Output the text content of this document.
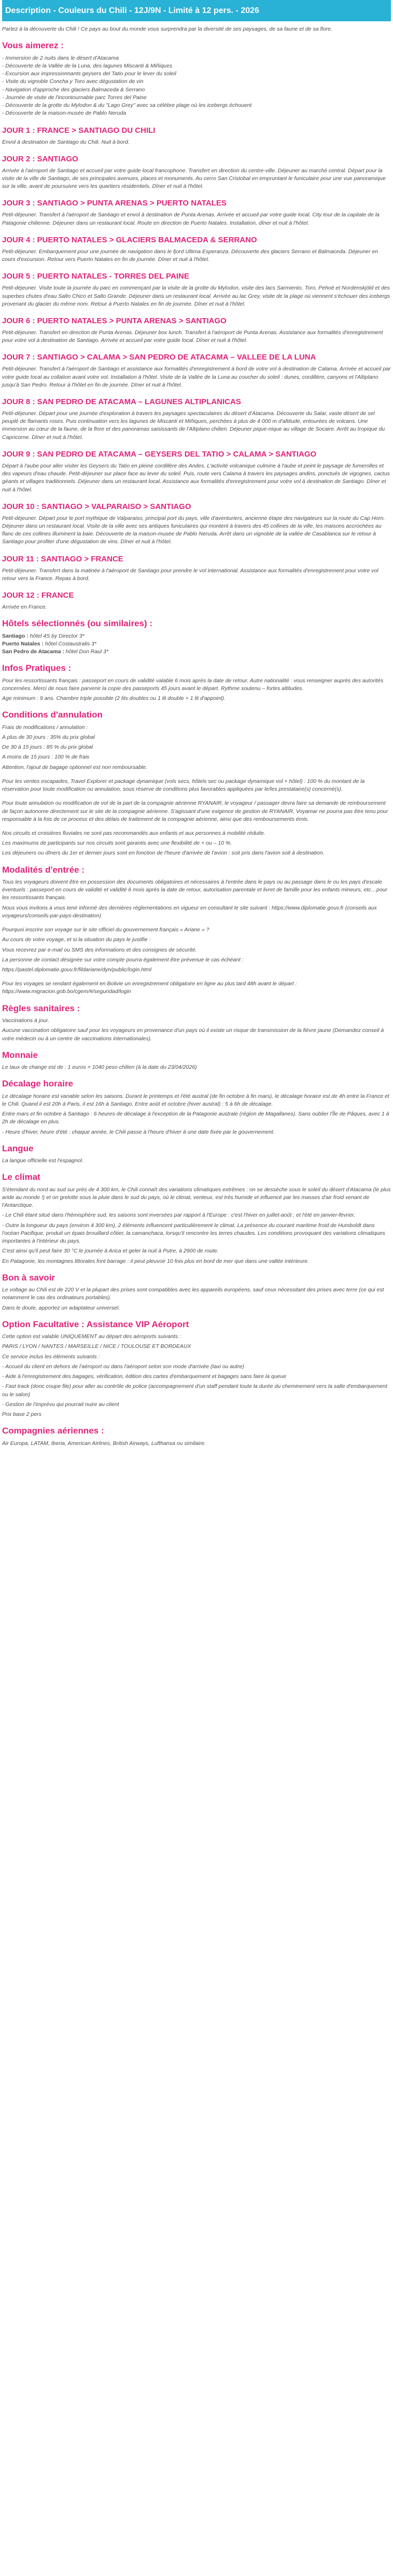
Description - Couleurs du Chili - 12J/9N - Limité à 12 pers. - 2026

Partez à la découverte du Chili ! Ce pays au bout du monde vous surprendra par la diversité de ses paysages, de sa faune et de sa flore.

Vous aimerez :
- Immersion de 2 nuits dans le désert d'Atacama
- Découverte de la Vallée de la Luna, des lagunes Miscanti & Miñiques
- Excursion aux impressionnants geysers del Tatio pour le lever du soleil
- Visite du vignoble Concha y Toro avec dégustation de vin
- Navigation d'approche des glaciers Balmaceda & Serrano
- Journée de visite de l'incontournable parc Torres del Paine
- Découverte de la grotte du Mylodon & du "Lago Grey" avec sa célèbre plage où les icebergs échouent
- Découverte de la maison-musée de Pablo Neruda
JOUR 1 : FRANCE > SANTIAGO DU CHILI

Envol à destination de Santiago du Chili. Nuit à bord.

JOUR 2 : SANTIAGO

Arrivée à l'aéroport de Santiago et accueil par votre guide local francophone. Transfert en direction du centre-ville. Déjeuner au marché central. Départ pour la visite de la ville de Santiago, de ses principales avenues, places et monuments. Au cerro San Cristobal en empruntant le funiculaire pour une vue panoramique sur la ville, avant de poursuivre vers les quartiers résidentiels. Dîner et nuit à l'hôtel.

JOUR 3 : SANTIAGO > PUNTA ARENAS > PUERTO NATALES

Petit-déjeuner. Transfert à l'aéroport de Santiago et envol à destination de Punta Arenas. Arrivée et accueil par votre guide local. City tour de la capitale de la Patagonie chilienne. Déjeuner dans un restaurant local. Route en direction de Puerto Natales. Installation, dîner et nuit à l'hôtel.

JOUR 4 : PUERTO NATALES > GLACIERS BALMACEDA & SERRANO

Petit-déjeuner. Embarquement pour une journée de navigation dans le fjord Ultima Esperanza. Découverte des glaciers Serrano et Balmaceda. Déjeuner en cours d'excursion. Retour vers Puerto Natales en fin de journée. Dîner et nuit à l'hôtel.

JOUR 5 : PUERTO NATALES - TORRES DEL PAINE

Petit-déjeuner. Visite toute la journée du parc en commençant par la visite de la grotte du Mylodon, visite des lacs Sarmiento, Toro, Pehoé et Nordenskjöld et des superbes chutes d'eau Salto Chico et Salto Grande. Déjeuner dans un restaurant local. Arrivée au lac Grey, visite de la plage où viennent s'échouer des icebergs provenant du glacier du même nom. Retour à Puerto Natales en fin de journée. Dîner et nuit à l'hôtel.

JOUR 6 : PUERTO NATALES > PUNTA ARENAS > SANTIAGO

Petit-déjeuner. Transfert en direction de Punta Arenas. Déjeuner box lunch. Transfert à l'aéroport de Punta Arenas. Assistance aux formalités d'enregistrement pour votre vol à destination de Santiago. Arrivée et accueil par votre guide local. Dîner et nuit à l'hôtel.

JOUR 7 : SANTIAGO > CALAMA > SAN PEDRO DE ATACAMA – VALLEE DE LA LUNA

Petit-déjeuner. Transfert à l'aéroport de Santiago et assistance aux formalités d'enregistrement à bord de votre vol à destination de Calama. Arrivée et accueil par votre guide local au collation avant votre vol. Installation à l'hôtel. Visite de la Vallée de la Luna au coucher du soleil : dunes, cordillère, canyons et l'Altiplano jusqu'à San Pedro. Retour à l'hôtel en fin de journée. Dîner et nuit à l'hôtel.

JOUR 8 : SAN PEDRO DE ATACAMA – LAGUNES ALTIPLANICAS

Petit-déjeuner. Départ pour une journée d'exploration à travers les paysages spectaculaires du désert d'Atacama. Découverte du Salar, vaste désert de sel peuplé de flamants roses. Puis continuation vers les lagunes de Miscanti et Miñiques, perchées à plus de 4 000 m d'altitude, entourées de volcans. Une immersion au cœur de la faune, de la flore et des panoramas saisissants de l'Altiplano chilien. Déjeuner pique-nique au village de Socaire. Arrêt au tropique du Capricorne. Dîner et nuit à l'hôtel.

JOUR 9 : SAN PEDRO DE ATACAMA – GEYSERS DEL TATIO > CALAMA > SANTIAGO

Départ à l'aube pour aller visiter les Geysers du Tatio en pleine cordillère des Andes. L'activité volcanique culmine à l'aube et peint le paysage de fumerolles et des vapeurs d'eau chaude. Petit-déjeuner sur place face au lever du soleil. Puis, route vers Calama à travers les paysages andins, ponctués de vigognes, cactus géants et villages traditionnels. Déjeuner dans un restaurant local. Assistance aux formalités d'enregistrement pour votre vol à destination de Santiago. Dîner et nuit à l'hôtel.

JOUR 10 : SANTIAGO > VALPARAISO > SANTIAGO

Petit-déjeuner. Départ pour le port mythique de Valparaiso, principal port du pays, ville d'aventuriers, ancienne étape des navigateurs sur la route du Cap Horn. Déjeuner dans un restaurant local. Visite de la ville avec ses antiques funiculaires qui montent à travers des 45 collines de la ville, les maisons accrochées au flanc de ces collines illuminent la baie. Découverte de la maison-musée de Pablo Neruda. Arrêt dans un vignoble de la vallée de Casablanca sur le retour à Santiago pour profiter d'une dégustation de vins. Dîner et nuit à l'hôtel.

JOUR 11 : SANTIAGO > FRANCE

Petit-déjeuner. Transfert dans la matinée à l'aéroport de Santiago pour prendre le vol international. Assistance aux formalités d'enregistrement pour votre vol retour vers la France. Repas à bord.

JOUR 12 : FRANCE

Arrivée en France.

Hôtels sélectionnés (ou similaires) :
Santiago : hôtel 4S by Director 3*
Puerto Natales : hôtel Costaustralis 3*
San Pedro de Atacama : hôtel Don Raul 3*
Infos Pratiques :

Pour les ressortissants français : passeport en cours de validité valable 6 mois après la date de retour. Autre nationalité : vous renseigner auprès des autorités concernées. Merci de nous faire parvenir la copie des passeports 45 jours avant le départ. Rythme soutenu – fortes altitudes.

Age minimum : 9 ans. Chambre triple possible (2 lits doubles ou 1 lit double + 1 lit d'appoint).

Conditions d'annulation

Frais de modifications / annulation :

A plus de 30 jours : 35% du prix global

De 30 à 15 jours : 85 % du prix global

A moins de 15 jours : 100 % de frais

Attention, l'ajout de bagage optionnel est non remboursable.

Pour les ventes escapades, Travel Explorer et package dynamique (vols secs, hôtels sec ou package dynamique vol + hôtel) : 100 % du montant de la réservation pour toute modification ou annulation, sous réserve de conditions plus favorables appliquées par le/les prestataire(s) concerné(s).

Pour toute annulation ou modification de vol de la part de la compagnie aérienne RYANAIR, le voyageur / passager devra faire sa demande de remboursement de façon autonome directement sur le site de la compagnie aérienne. S'agissant d'une exigence de gestion de RYANAIR, Voyamar ne pourra pas être tenu pour responsable à la fois de ce process et des délais de traitement de la compagnie aérienne, ainsi que des remboursements émis.

Nos circuits et croisières fluviales ne sont pas recommandés aux enfants et aux personnes à mobilité réduite.

Les maximums de participants sur nos circuits sont garantis avec une flexibilité de + ou – 10 %.

Les déjeuners ou dîners du 1er et dernier jours sont en fonction de l'heure d'arrivée de l'avion : soit pris dans l'avion soit à destination.

Modalités d'entrée :

Tous les voyageurs doivent être en possession des documents obligatoires et nécessaires à l'entrée dans le pays ou au passage dans le ou les pays d'escale éventuels : passeport en cours de validité et validité 6 mois après la date de retour, autorisation parentale et livret de famille pour les enfants mineurs, etc…pour les ressortissants français.

Nous vous invitons à vous tenir informé des dernières réglementations en vigueur en consultant le site suivant : https://www.diplomatie.gouv.fr (conseils aux voyageurs/conseils-par-pays-destination)

Pourquoi inscrire son voyage sur le site officiel du gouvernement français « Ariane » ?

Au cours de votre voyage, et si la situation du pays le justifie :

Vous recevrez par e-mail ou SMS des informations et des consignes de sécurité.

La personne de contact désignée sur votre compte pourra également être prévenue le cas échéant :

https://pastel.diplomatie.gouv.fr/fildariane/dyn/public/login.html

Pour les voyages se rendant également en Bolivie un enregistrement obligatoire en ligne au plus tard 48h avant le départ : https://www.migracion.gob.bo/cgem/#/seguridad/login

Règles sanitaires :

Vaccinations à jour.

Aucune vaccination obligatoire sauf pour les voyageurs en provenance d'un pays où il existe un risque de transmission de la fièvre jaune (Demandez conseil à votre médecin ou à un centre de vaccinations internationales).

Monnaie

Le taux de change est de : 1 euros = 1040 peso chilien (à la date du 23/04/2026)

Décalage horaire

Le décalage horaire est variable selon les saisons. Durant le printemps et l'été austral (de fin octobre à fin mars), le décalage horaire est de 4h entre la France et le Chili. Quand il est 20h à Paris, il est 16h à Santiago. Entre août et octobre (hiver austral) : 5 à 6h de décalage.

Entre mars et fin octobre à Santiago : 6 heures de décalage à l'exception de la Patagonie australe (région de Magallanes). Sans oublier l'Île de Pâques, avec 1 à 2h de décalage en plus.

- Heure d'hiver, heure d'été : chaque année, le Chili passe à l'heure d'hiver à une date fixée par le gouvernement.

Langue

La langue officielle est l'espagnol.

Le climat

S'étendant du nord au sud sur près de 4 300 km, le Chili connaît des variations climatiques extrêmes : on se dessèche sous le soleil du désert d'Atacama (le plus aride au monde !) et on grelotte sous la pluie dans le sud du pays, où le climat, venteux, est très humide et influencé par les masses d'air froid venant de l'Antarctique.

- Le Chili étant situé dans l'hémisphère sud, les saisons sont inversées par rapport à l'Europe : c'est l'hiver en juillet-août ; et l'été en janvier-février.

- Outre la longueur du pays (environ 4 300 km), 2 éléments influencent particulièrement le climat. La présence du courant maritime froid de Humboldt dans l'océan Pacifique, produit un épais brouillard côtier, la camanchaca, lorsqu'il rencontre les terres chaudes. Les conditions provoquant des variations climatiques importantes à l'intérieur du pays.

C'est ainsi qu'il peut faire 30 °C le journée à Arica et geler la nuit à Putre, à 2900 de route.

En Patagonie, les montagnes littorales font barrage : il peut pleuvoir 10 fois plus en bord de mer que dans une vallée intérieure.

Bon à savoir

Le voltage au Chili est de 220 V et la plupart des prises sont compatibles avec les appareils européens, sauf ceux nécessitant des prises avec terre (ce qui est notamment le cas des ordinateurs portables).

Dans le doute, apportez un adaptateur universel.

Option Facultative : Assistance VIP Aéroport

Cette option est valable UNIQUEMENT au départ des aéroports suivants :

PARIS / LYON / NANTES / MARSEILLE / NICE / TOULOUSE ET BORDEAUX

Ce service inclus les éléments suivants :

- Accueil du client en dehors de l'aéroport ou dans l'aéroport selon son mode d'arrivée (taxi ou autre)

- Aide à l'enregistrement des bagages, vérification, édition des cartes d'embarquement et bagages sans faire la queue

- Fast track (donc coupe file) pour aller au contrôle de police (accompagnement d'un staff pendant toute la durée du cheminement vers la salle d'embarquement ou le salon)

- Gestion de l'imprévu qui pourrait nuire au client

Prix base 2 pers

Compagnies aériennes :

Air Europa, LATAM, Iberia, American Airlines, British Airways, Lufthansa ou similaire.
